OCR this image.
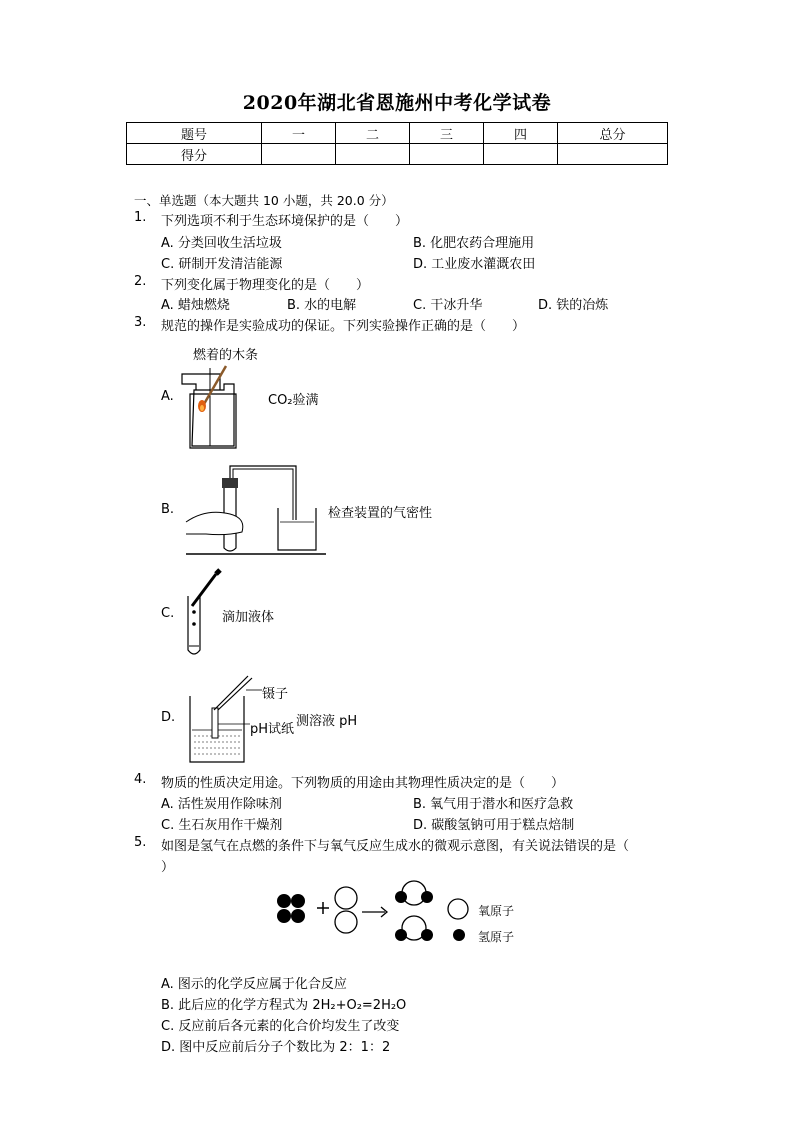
2020年湖北省恩施州中考化学试卷
题号	一	二	三	四	总分
得分					
一、单选题（本大题共 10 小题，共 20.0 分）
1. 下列选项不利于生态环境保护的是（　　）
A. 分类回收生活垃圾	B. 化肥农药合理施用
C. 研制开发清洁能源	D. 工业废水灌溉农田
2. 下列变化属于物理变化的是（　　）
A. 蜡烛燃烧	B. 水的电解	C. 干冰升华	D. 铁的冶炼
3. 规范的操作是实验成功的保证。下列实验操作正确的是（　　）
燃着的木条
A.	CO₂验满
B.	检查装置的气密性
C.	滴加液体
D.
镊子
pH试纸
测溶液 pH
4. 物质的性质决定用途。下列物质的用途由其物理性质决定的是（　　）
A. 活性炭用作除味剂	B. 氧气用于潜水和医疗急救
C. 生石灰用作干燥剂	D. 碳酸氢钠可用于糕点焙制
5. 如图是氢气在点燃的条件下与氧气反应生成水的微观示意图，有关说法错误的是（
）
氧原子
氢原子
A. 图示的化学反应属于化合反应
B. 此后应的化学方程式为 2H₂+O₂=2H₂O
C. 反应前后各元素的化合价均发生了改变
D. 图中反应前后分子个数比为 2：1：2
